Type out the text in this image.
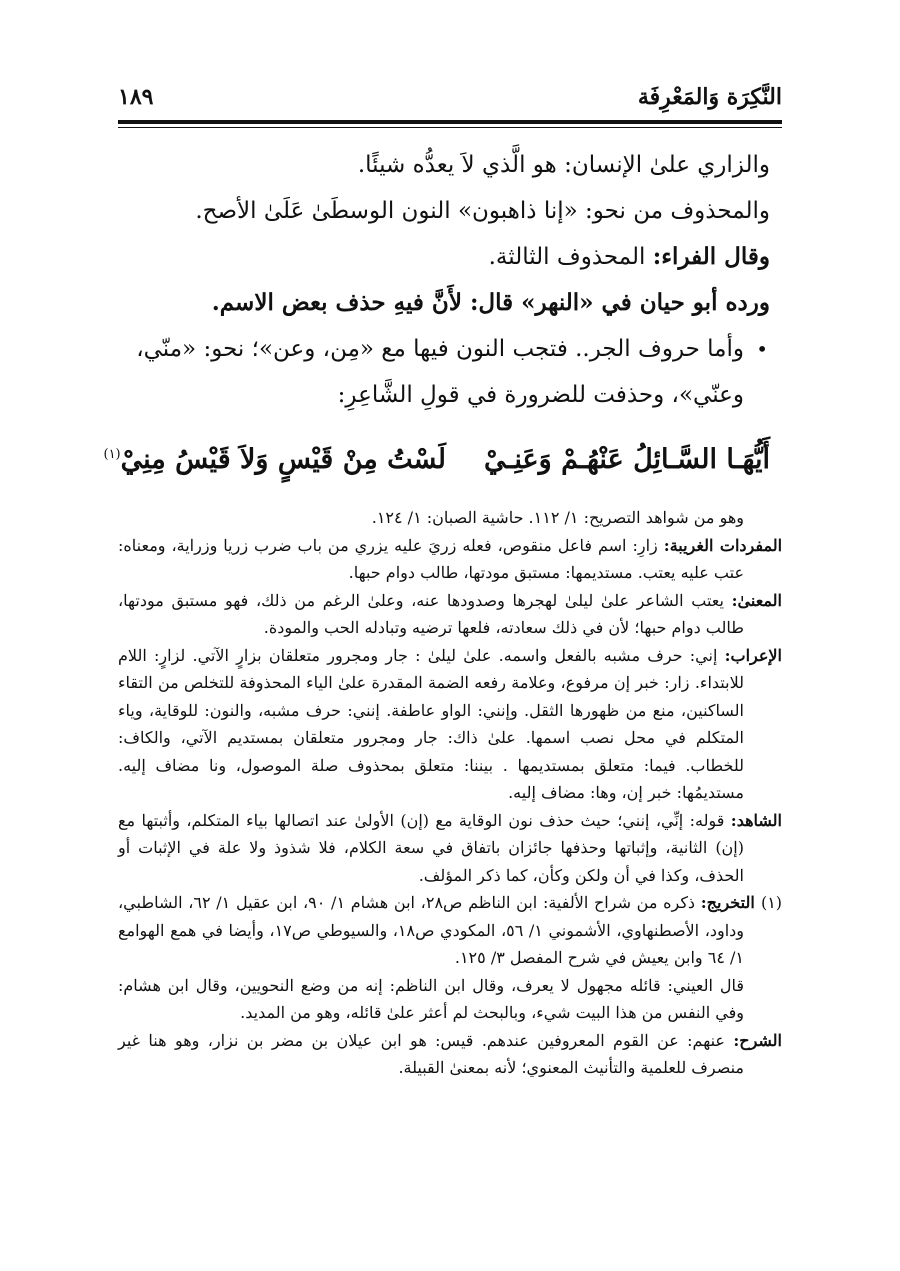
النَّكِرَة وَالمَعْرِفَة
١٨٩

والزاري علىٰ الإنسان: هو الَّذي لاَ يعدُّه شيئًا.

والمحذوف من نحو: «إنا ذاهبون» النون الوسطَىٰ عَلَىٰ الأصح.

وقال الفراء: المحذوف الثالثة.

ورده أبو حيان في «النهر» قال: لأَنَّ فيهِ حذف بعض الاسم.

•
وأما حروف الجر.. فتجب النون فيها مع «مِن، وعن»؛ نحو: «منّي، وعنّي»، وحذفت للضرورة في قولِ الشَّاعِرِ:

أَيُّهَـا السَّـائِلُ عَنْهُـمْ وَعَنِـيْلَسْتُ مِنْ قَيْسٍ وَلاَ قَيْسُ مِنِيْ$^{(١)}$

وهو من شواهد التصريح: ١/ ١١٢. حاشية الصبان: ١/ ١٢٤.

المفردات الغريبة: زارِ: اسم فاعل منقوص، فعله زريَ عليه يزري من باب ضرب زريا وزراية، ومعناه: عتب عليه يعتب. مستديمها: مستبق مودتها، طالب دوام حبها.

المعنىٰ: يعتب الشاعر علىٰ ليلىٰ لهجرها وصدودها عنه، وعلىٰ الرغم من ذلك، فهو مستبق مودتها، طالب دوام حبها؛ لأن في ذلك سعادته، فلعها ترضيه وتبادله الحب والمودة.

الإعراب: إني: حرف مشبه بالفعل واسمه. علىٰ ليلىٰ : جار ومجرور متعلقان بزارٍ الآتي. لزارٍ: اللام للابتداء. زار: خبر إن مرفوع، وعلامة رفعه الضمة المقدرة علىٰ الياء المحذوفة للتخلص من التقاء الساكنين، منع من ظهورها الثقل. وإنني: الواو عاطفة. إنني: حرف مشبه، والنون: للوقاية، وياء المتكلم في محل نصب اسمها. علىٰ ذاك: جار ومجرور متعلقان بمستديم الآتي، والكاف: للخطاب. فيما: متعلق بمستديمها . بيننا: متعلق بمحذوف صلة الموصول، ونا مضاف إليه. مستديمُها: خبر إن، وها: مضاف إليه.

الشاهد: قوله: إنِّي، إنني؛ حيث حذف نون الوقاية مع (إن) الأولىٰ عند اتصالها بياء المتكلم، وأثبتها مع (إن) الثانية، وإثباتها وحذفها جائزان باتفاق في سعة الكلام، فلا شذوذ ولا علة في الإثبات أو الحذف، وكذا في أن ولكن وكأن، كما ذكر المؤلف.

(١) التخريج: ذكره من شراح الألفية: ابن الناظم ص٢٨، ابن هشام ١/ ٩٠، ابن عقيل ١/ ٦٢، الشاطبي، وداود، الأصطنهاوي، الأشموني ١/ ٥٦، المكودي ص١٨، والسيوطي ص١٧، وأيضا في همع الهوامع ١/ ٦٤ وابن يعيش في شرح المفصل ٣/ ١٢٥.

قال العيني: قائله مجهول لا يعرف، وقال ابن الناظم: إنه من وضع النحويين، وقال ابن هشام: وفي النفس من هذا البيت شيء، وبالبحث لم أعثر علىٰ قائله، وهو من المديد.

الشرح: عنهم: عن القوم المعروفين عندهم. قيس: هو ابن عيلان بن مضر بن نزار، وهو هنا غير منصرف للعلمية والتأنيث المعنوي؛ لأنه بمعنىٰ القبيلة.
